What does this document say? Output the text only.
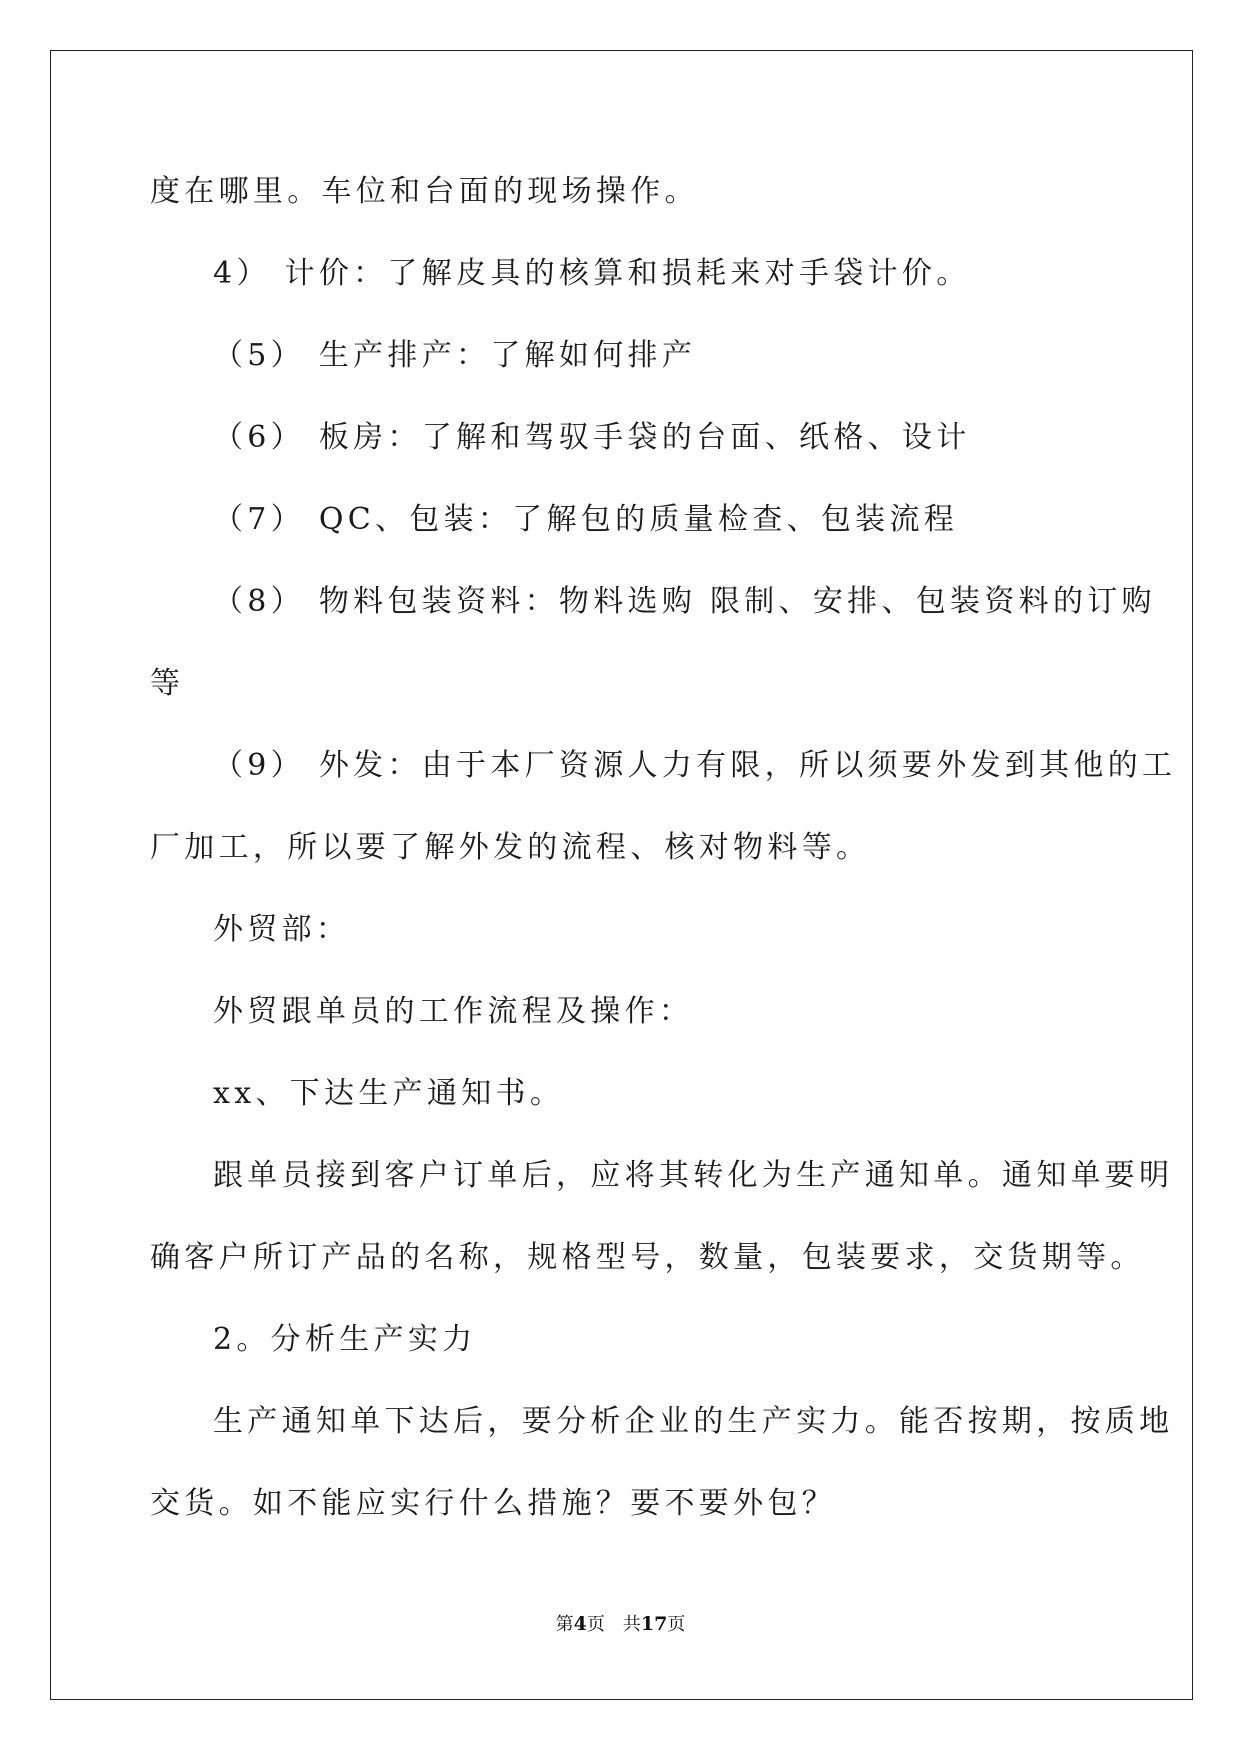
度在哪里。车位和台面的现场操作。
4） 计价：了解皮具的核算和损耗来对手袋计价。
（5） 生产排产：了解如何排产
（6） 板房：了解和驾驭手袋的台面、纸格、设计
（7） QC、包装：了解包的质量检查、包装流程
（8） 物料包装资料：物料选购 限制、安排、包装资料的订购
等
（9） 外发：由于本厂资源人力有限，所以须要外发到其他的工
厂加工，所以要了解外发的流程、核对物料等。
外贸部：
外贸跟单员的工作流程及操作：
xx、下达生产通知书。
跟单员接到客户订单后，应将其转化为生产通知单。通知单要明
确客户所订产品的名称，规格型号，数量，包装要求，交货期等。
2。分析生产实力
生产通知单下达后，要分析企业的生产实力。能否按期，按质地
交货。如不能应实行什么措施？要不要外包？
第4页 共17页
